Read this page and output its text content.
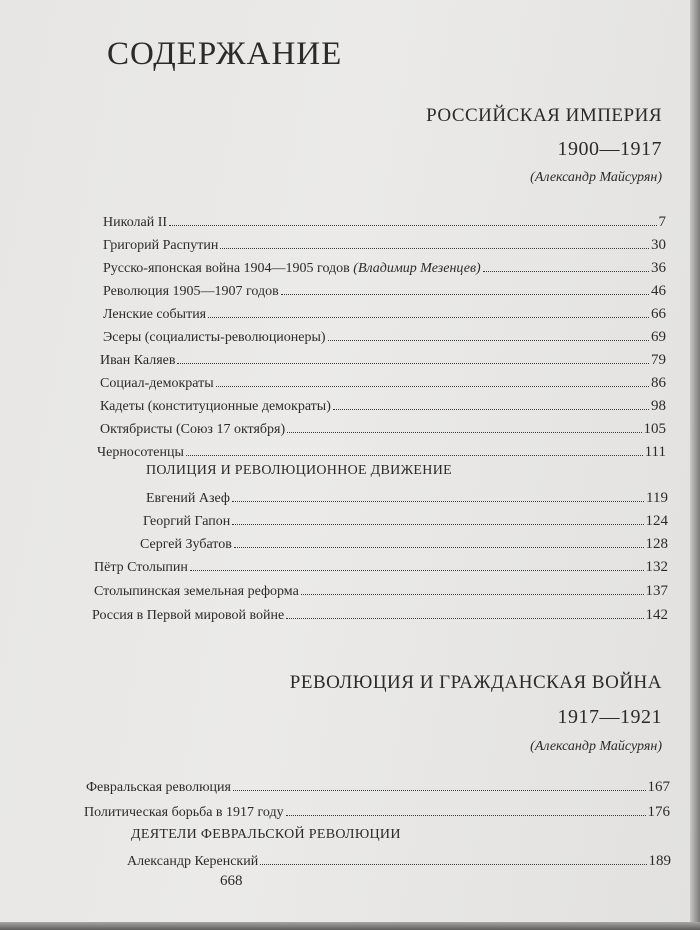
СОДЕРЖАНИЕ
РОССИЙСКАЯ ИМПЕРИЯ
1900—1917
(Александр Майсурян)
Николай II	7
Григорий Распутин	30
Русско-японская война 1904—1905 годов (Владимир Мезенцев)	36
Революция 1905—1907 годов	46
Ленские события	66
Эсеры (социалисты-революционеры)	69
Иван Каляев	79
Социал-демократы	86
Кадеты (конституционные демократы)	98
Октябристы (Союз 17 октября)	105
Черносотенцы	111
ПОЛИЦИЯ И РЕВОЛЮЦИОННОЕ ДВИЖЕНИЕ
Евгений Азеф	119
Георгий Гапон	124
Сергей Зубатов	128
Пётр Столыпин	132
Столыпинская земельная реформа	137
Россия в Первой мировой войне	142
РЕВОЛЮЦИЯ И ГРАЖДАНСКАЯ ВОЙНА
1917—1921
(Александр Майсурян)
Февральская революция	167
Политическая борьба в 1917 году	176
ДЕЯТЕЛИ ФЕВРАЛЬСКОЙ РЕВОЛЮЦИИ
Александр Керенский	189
668
